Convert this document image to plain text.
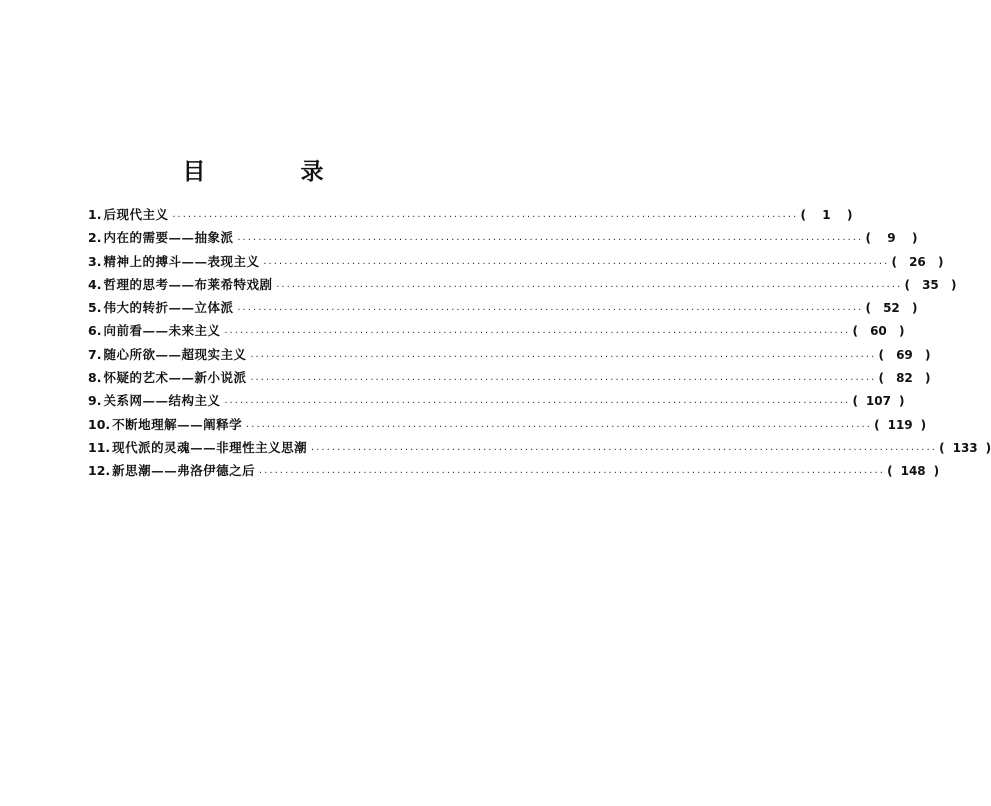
目　录
1. 后现代主义 ························································································································ (	1	)
2. 内在的需要——抽象派 ························································································································ (	9	)
3. 精神上的搏斗——表现主义 ························································································································ (	26	)
4. 哲理的思考——布莱希特戏剧 ························································································································ (	35	)
5. 伟大的转折——立体派 ························································································································ (	52	)
6. 向前看——未来主义 ························································································································ (	60	)
7. 随心所欲——超现实主义 ························································································································ (	69	)
8. 怀疑的艺术——新小说派 ························································································································ (	82	)
9. 关系网——结构主义 ························································································································ ( 107 )
10. 不断地理解——阐释学 ························································································································ ( 119 )
11. 现代派的灵魂——非理性主义思潮 ························································································································ ( 133 )
12. 新思潮——弗洛伊德之后 ························································································································ ( 148 )
